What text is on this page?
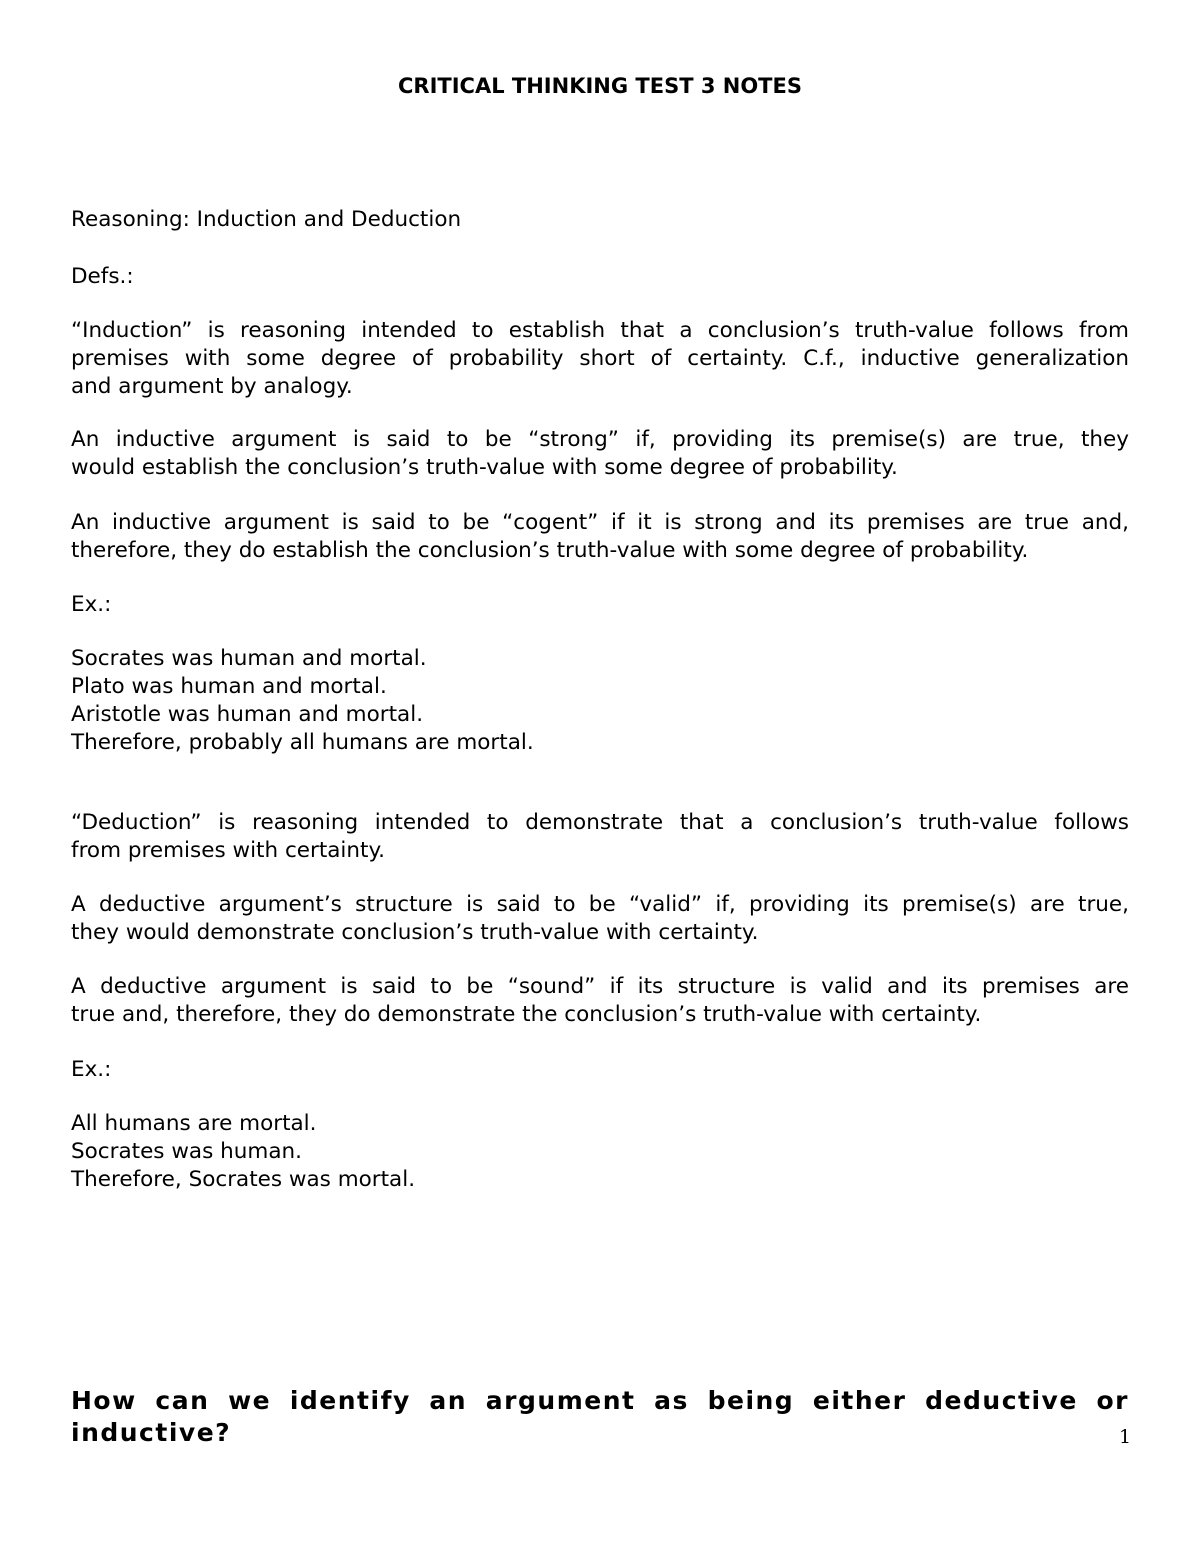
CRITICAL THINKING TEST 3 NOTES

Reasoning: Induction and Deduction

Defs.:

“Induction” is reasoning intended to establish that a conclusion’s truth-value follows from
premises with some degree of probability short of certainty. C.f., inductive generalization
and argument by analogy.

An inductive argument is said to be “strong” if, providing its premise(s) are true, they
would establish the conclusion’s truth-value with some degree of probability.

An inductive argument is said to be “cogent” if it is strong and its premises are true and,
therefore, they do establish the conclusion’s truth-value with some degree of probability.

Ex.:

Socrates was human and mortal.
Plato was human and mortal.
Aristotle was human and mortal.
Therefore, probably all humans are mortal.

“Deduction” is reasoning intended to demonstrate that a conclusion’s truth-value follows
from premises with certainty.

A deductive argument’s structure is said to be “valid” if, providing its premise(s) are true,
they would demonstrate conclusion’s truth-value with certainty.

A deductive argument is said to be “sound” if its structure is valid and its premises are
true and, therefore, they do demonstrate the conclusion’s truth-value with certainty.

Ex.:

All humans are mortal.
Socrates was human.
Therefore, Socrates was mortal.

How can we identify an argument as being either deductive or
inductive?	1
